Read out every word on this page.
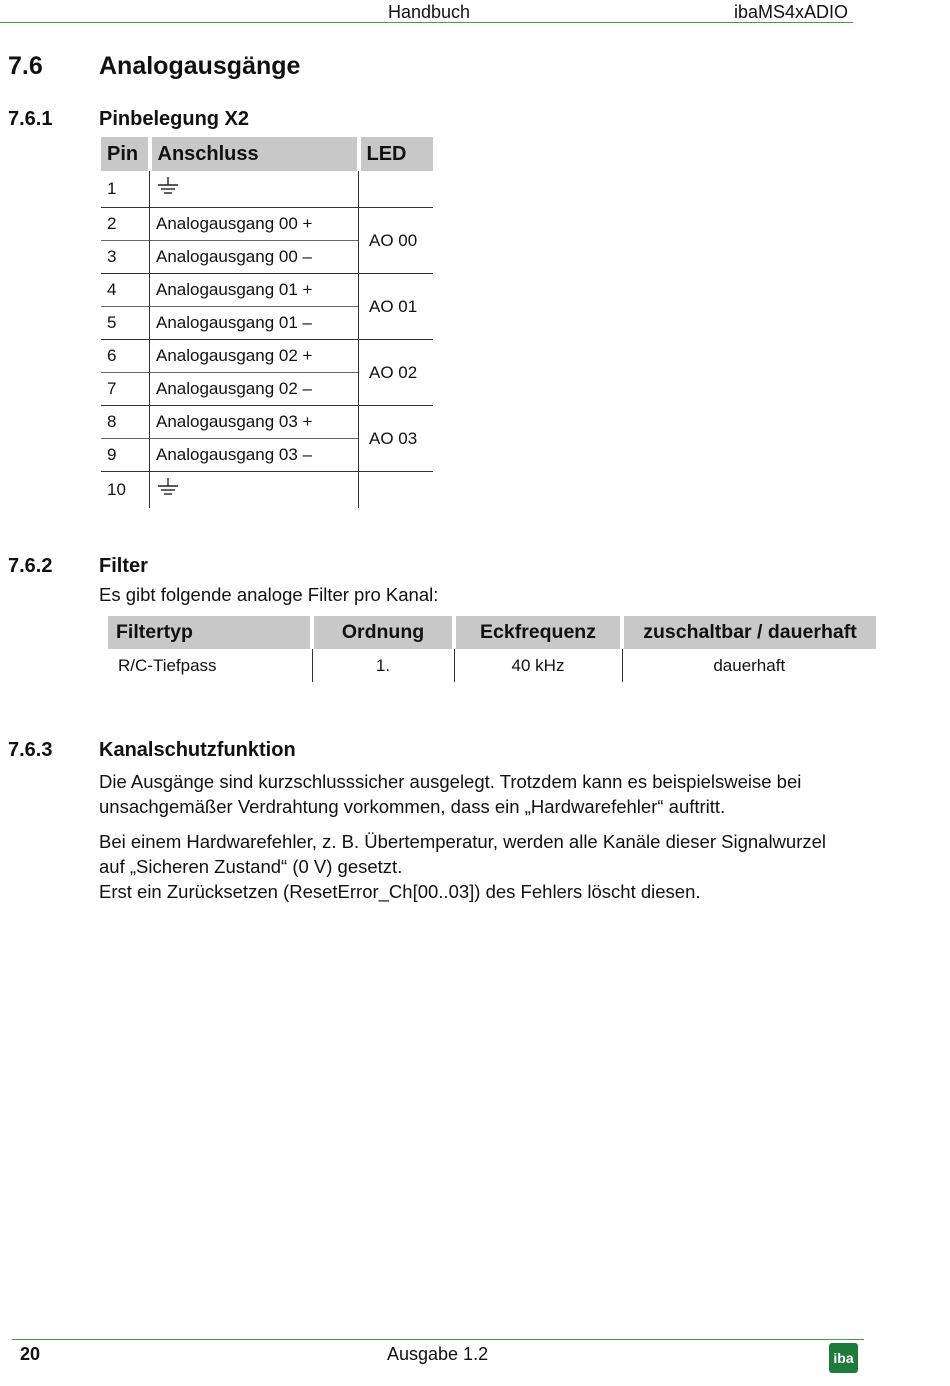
Handbuch	ibaMS4xADIO
7.6 Analogausgänge
7.6.1 Pinbelegung X2
Pin	Anschluss	LED
1		
2	Analogausgang 00 +	AO 00
3	Analogausgang 00 –	
4	Analogausgang 01 +	AO 01
5	Analogausgang 01 –	
6	Analogausgang 02 +	AO 02
7	Analogausgang 02 –	
8	Analogausgang 03 +	AO 03
9	Analogausgang 03 –	
10		
7.6.2 Filter
Es gibt folgende analoge Filter pro Kanal:
Filtertyp	Ordnung	Eckfrequenz	zuschaltbar / dauerhaft
R/C-Tiefpass	1.	40 kHz	dauerhaft
7.6.3 Kanalschutzfunktion
Die Ausgänge sind kurzschlusssicher ausgelegt. Trotzdem kann es beispielsweise bei
unsachgemäßer Verdrahtung vorkommen, dass ein „Hardwarefehler“ auftritt.
Bei einem Hardwarefehler, z. B. Übertemperatur, werden alle Kanäle dieser Signalwurzel
auf „Sicheren Zustand“ (0 V) gesetzt.
Erst ein Zurücksetzen (ResetError_Ch[00..03]) des Fehlers löscht diesen.
20	Ausgabe 1.2	iba
